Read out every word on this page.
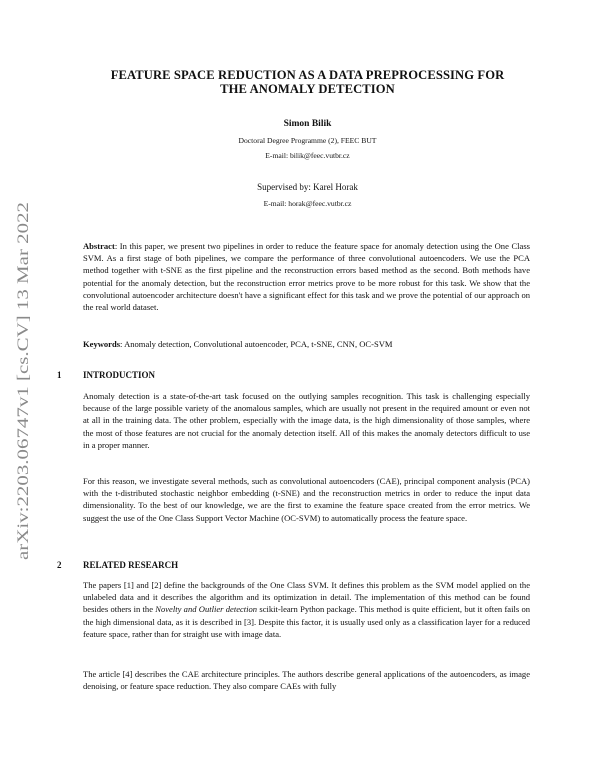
arXiv:2203.06747v1 [cs.CV] 13 Mar 2022
FEATURE SPACE REDUCTION AS A DATA PREPROCESSING FOR
THE ANOMALY DETECTION
Simon Bilik
Doctoral Degree Programme (2), FEEC BUT
E-mail: bilik@feec.vutbr.cz
Supervised by: Karel Horak
E-mail: horak@feec.vutbr.cz
Abstract: In this paper, we present two pipelines in order to reduce the feature space for anomaly detection using the One Class SVM. As a first stage of both pipelines, we compare the performance of three convolutional autoencoders. We use the PCA method together with t-SNE as the first pipeline and the reconstruction errors based method as the second. Both methods have potential for the anomaly detection, but the reconstruction error metrics prove to be more robust for this task. We show that the convolutional autoencoder architecture doesn't have a significant effect for this task and we prove the potential of our approach on the real world dataset.
Keywords: Anomaly detection, Convolutional autoencoder, PCA, t-SNE, CNN, OC-SVM
1 INTRODUCTION
Anomaly detection is a state-of-the-art task focused on the outlying samples recognition. This task is challenging especially because of the large possible variety of the anomalous samples, which are usually not present in the required amount or even not at all in the training data. The other problem, especially with the image data, is the high dimensionality of those samples, where the most of those features are not crucial for the anomaly detection itself. All of this makes the anomaly detectors difficult to use in a proper manner.
For this reason, we investigate several methods, such as convolutional autoencoders (CAE), principal component analysis (PCA) with the t-distributed stochastic neighbor embedding (t-SNE) and the reconstruction metrics in order to reduce the input data dimensionality. To the best of our knowledge, we are the first to examine the feature space created from the error metrics. We suggest the use of the One Class Support Vector Machine (OC-SVM) to automatically process the feature space.
2 RELATED RESEARCH
The papers [1] and [2] define the backgrounds of the One Class SVM. It defines this problem as the SVM model applied on the unlabeled data and it describes the algorithm and its optimization in detail. The implementation of this method can be found besides others in the Novelty and Outlier detection scikit-learn Python package. This method is quite efficient, but it often fails on the high dimensional data, as it is described in [3]. Despite this factor, it is usually used only as a classification layer for a reduced feature space, rather than for straight use with image data.
The article [4] describes the CAE architecture principles. The authors describe general applications of the autoencoders, as image denoising, or feature space reduction. They also compare CAEs with fully
